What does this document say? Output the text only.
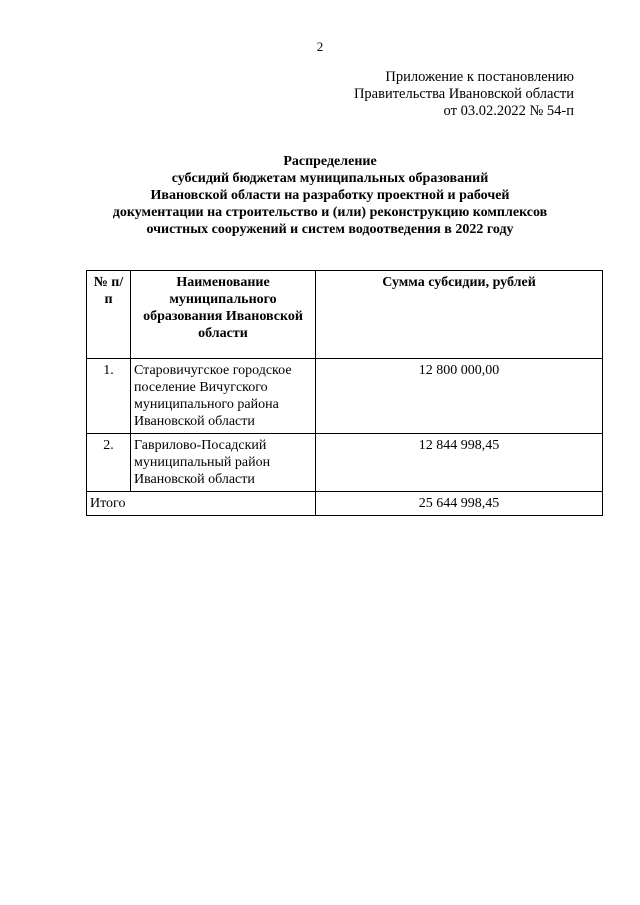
2
Приложение к постановлению
Правительства Ивановской области
от 03.02.2022 № 54-п
Распределение
субсидий бюджетам муниципальных образований
Ивановской области на разработку проектной и рабочей
документации на строительство и (или) реконструкцию комплексов
очистных сооружений и систем водоотведения в 2022 году
№ п/п	Наименование муниципального образования Ивановской области	Сумма субсидии, рублей
1.	Старовичугское городское поселение Вичугского муниципального района Ивановской области	12 800 000,00
2.	Гаврилово-Посадский муниципальный район Ивановской области	12 844 998,45
Итого		25 644 998,45
